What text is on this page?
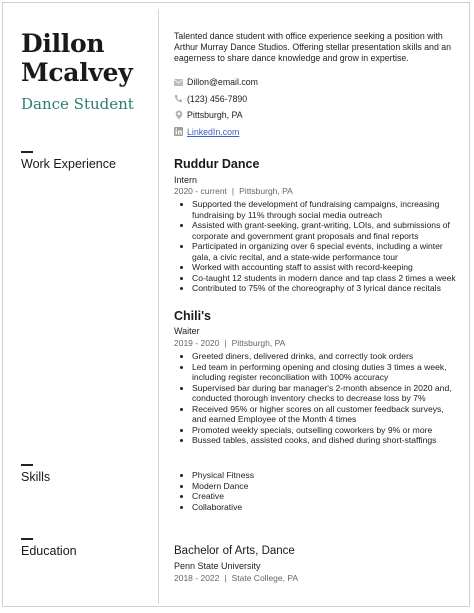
Dillon
Mcalvey
Dance Student
Talented dance student with office experience seeking a position with Arthur Murray Dance Studios. Offering stellar presentation skills and an eagerness to share dance knowledge and grow in expertise.
Dillon@email.com
(123) 456-7890
Pittsburgh, PA
LinkedIn.com
Work Experience	Ruddur Dance
Intern
2020 - current | Pittsburgh, PA
• Supported the development of fundraising campaigns, increasing fundraising by 11% through social media outreach
• Assisted with grant-seeking, grant-writing, LOIs, and submissions of corporate and government grant proposals and final reports
• Participated in organizing over 6 special events, including a winter gala, a civic recital, and a state-wide performance tour
• Worked with accounting staff to assist with record-keeping
• Co-taught 12 students in modern dance and tap class 2 times a week
• Contributed to 75% of the choreography of 3 lyrical dance recitals
Chili's
Waiter
2019 - 2020 | Pittsburgh, PA
• Greeted diners, delivered drinks, and correctly took orders
• Led team in performing opening and closing duties 3 times a week, including register reconciliation with 100% accuracy
• Supervised bar during bar manager's 2-month absence in 2020 and, conducted thorough inventory checks to decrease loss by 7%
• Received 95% or higher scores on all customer feedback surveys, and earned Employee of the Month 4 times
• Promoted weekly specials, outselling coworkers by 9% or more
• Bussed tables, assisted cooks, and dished during short-staffings
Skills
•	Physical Fitness
• Modern Dance
• Creative
• Collaborative
Education	Bachelor of Arts, Dance
Penn State University
2018 - 2022 | State College, PA
